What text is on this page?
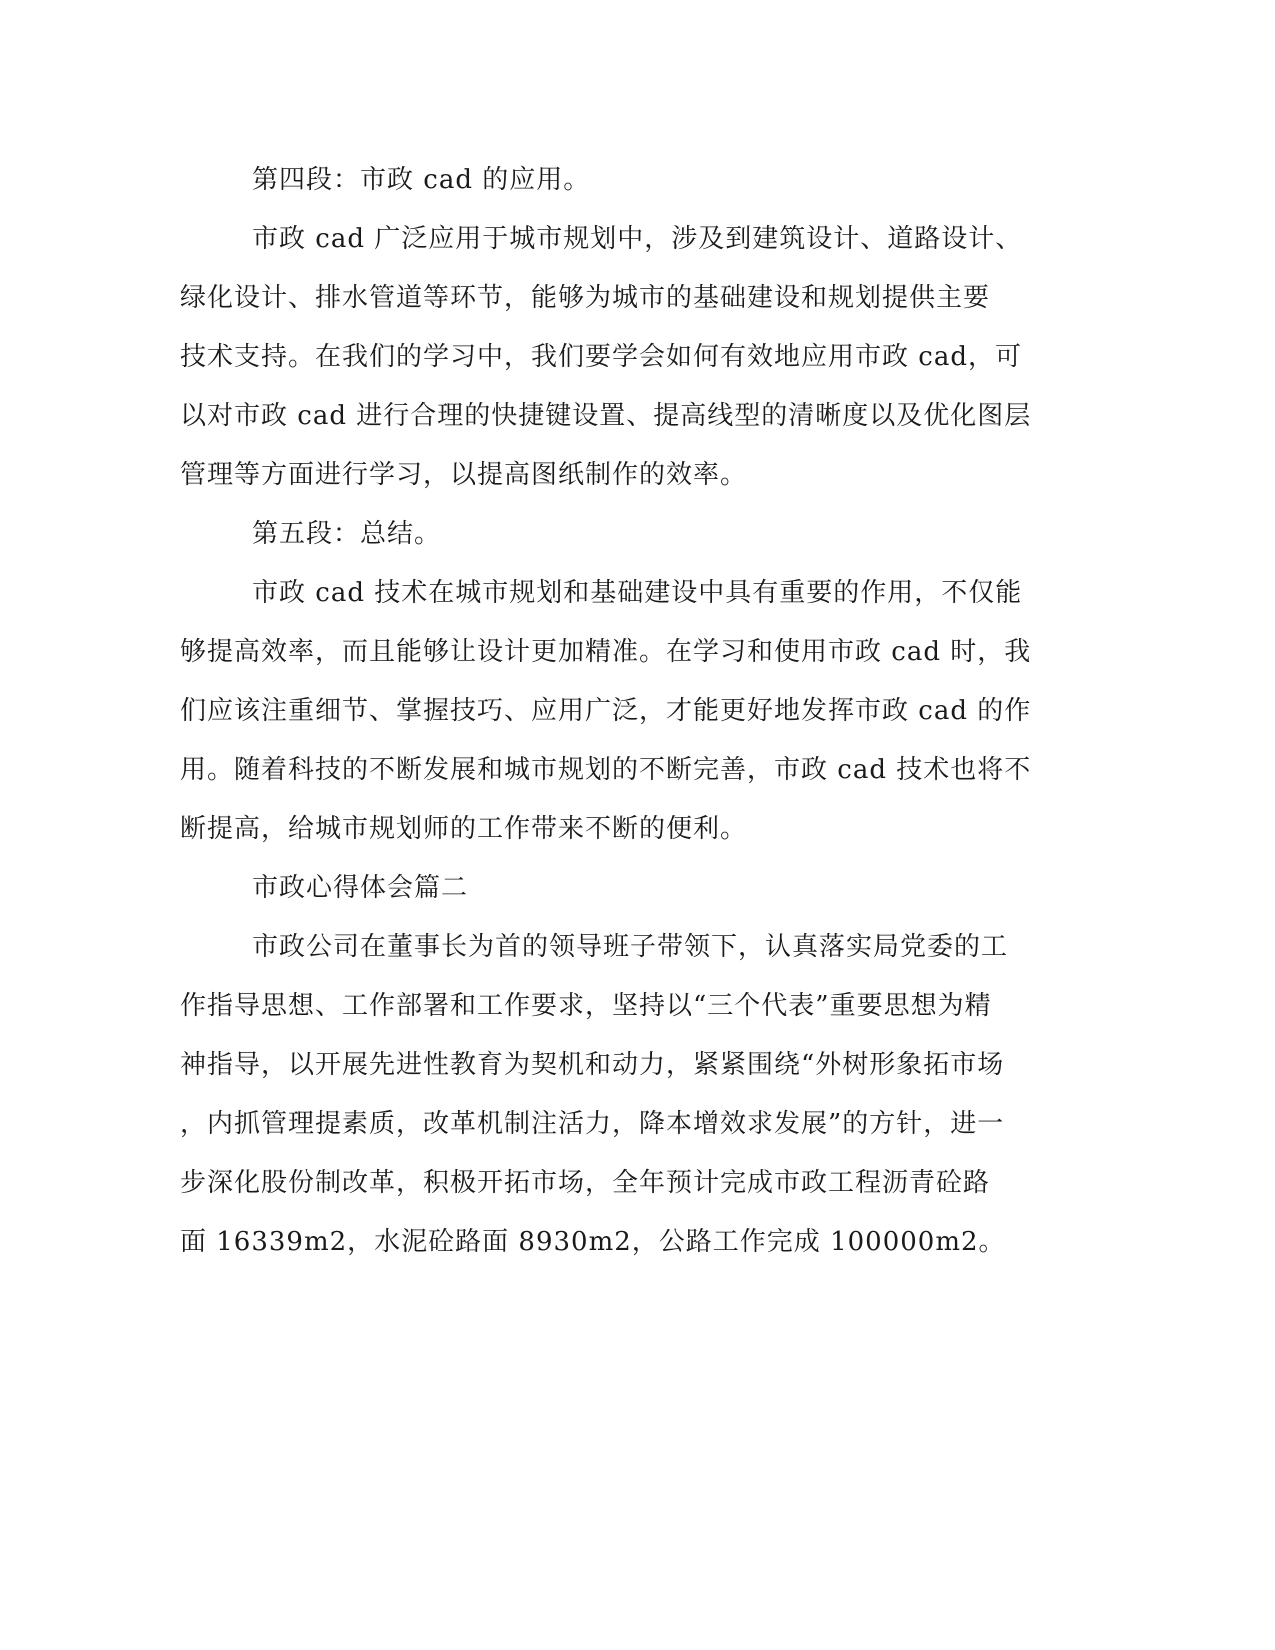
第四段：市政 cad 的应用。

市政 cad 广泛应用于城市规划中，涉及到建筑设计、道路设计、

绿化设计、排水管道等环节，能够为城市的基础建设和规划提供主要

技术支持。在我们的学习中，我们要学会如何有效地应用市政 cad，可

以对市政 cad 进行合理的快捷键设置、提高线型的清晰度以及优化图层

管理等方面进行学习，以提高图纸制作的效率。

第五段：总结。

市政 cad 技术在城市规划和基础建设中具有重要的作用，不仅能

够提高效率，而且能够让设计更加精准。在学习和使用市政 cad 时，我

们应该注重细节、掌握技巧、应用广泛，才能更好地发挥市政 cad 的作

用。随着科技的不断发展和城市规划的不断完善，市政 cad 技术也将不

断提高，给城市规划师的工作带来不断的便利。

市政心得体会篇二

市政公司在董事长为首的领导班子带领下，认真落实局党委的工

作指导思想、工作部署和工作要求，坚持以“三个代表”重要思想为精

神指导，以开展先进性教育为契机和动力，紧紧围绕“外树形象拓市场

，内抓管理提素质，改革机制注活力，降本增效求发展”的方针，进一

步深化股份制改革，积极开拓市场，全年预计完成市政工程沥青砼路

面 16339m2，水泥砼路面 8930m2，公路工作完成 100000m2。
